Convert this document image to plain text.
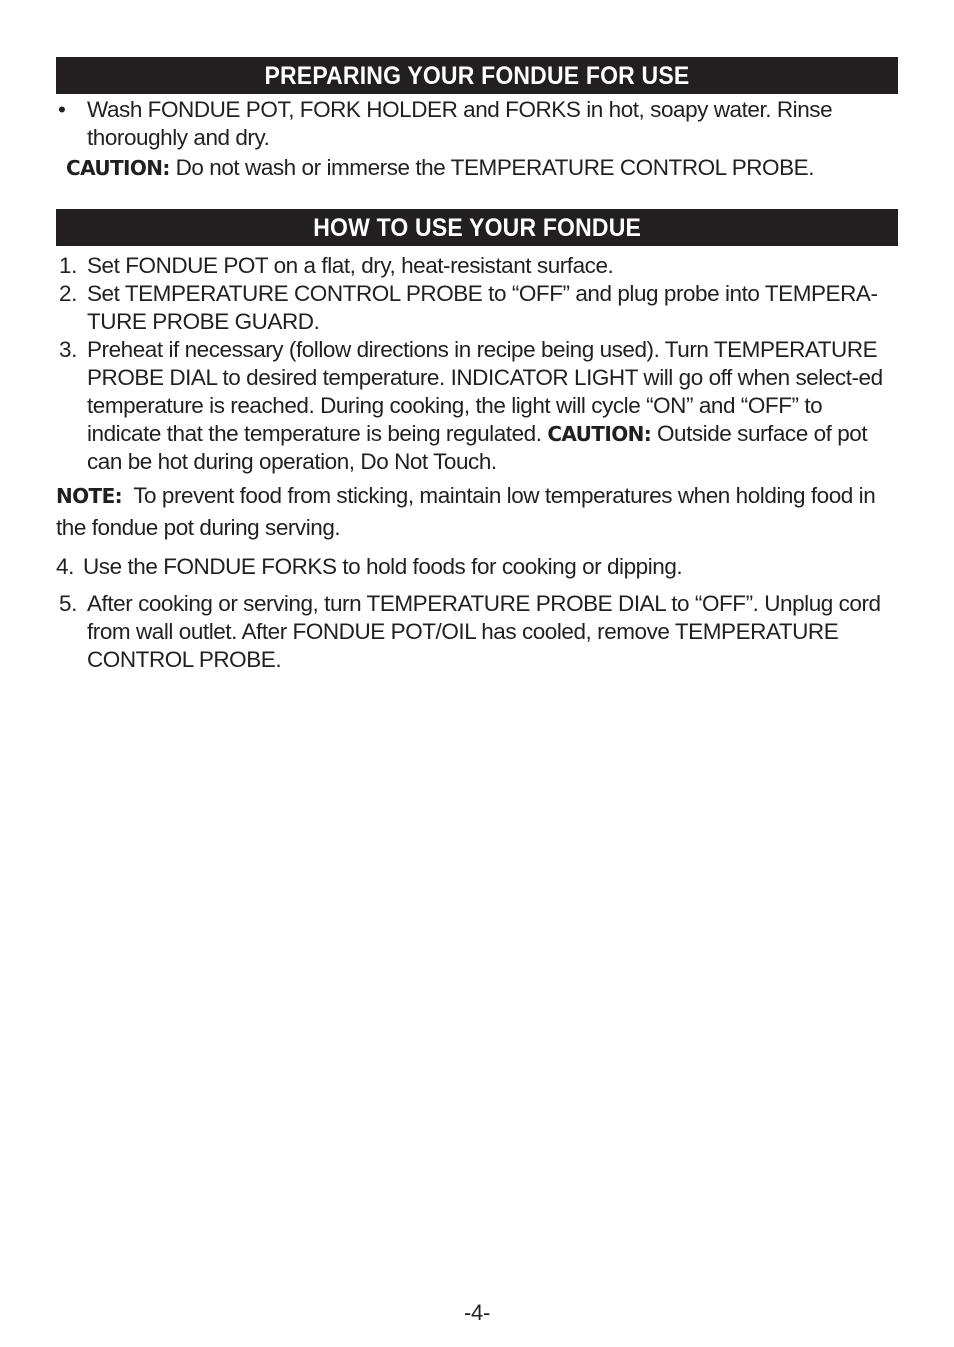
PREPARING YOUR FONDUE FOR USE
• Wash FONDUE POT, FORK HOLDER and FORKS in hot, soapy water. Rinse thoroughly and dry.
CAUTION: Do not wash or immerse the TEMPERATURE CONTROL PROBE.
HOW TO USE YOUR FONDUE
1. Set FONDUE POT on a flat, dry, heat-resistant surface.
2. Set TEMPERATURE CONTROL PROBE to “OFF” and plug probe into TEMPERA-TURE PROBE GUARD.
3. Preheat if necessary (follow directions in recipe being used). Turn TEMPERATURE PROBE DIAL to desired temperature. INDICATOR LIGHT will go off when select-ed temperature is reached. During cooking, the light will cycle “ON” and “OFF” to indicate that the temperature is being regulated. CAUTION: Outside surface of pot can be hot during operation, Do Not Touch.
NOTE: To prevent food from sticking, maintain low temperatures when holding food in the fondue pot during serving.
4. Use the FONDUE FORKS to hold foods for cooking or dipping.
5. After cooking or serving, turn TEMPERATURE PROBE DIAL to “OFF”. Unplug cord from wall outlet. After FONDUE POT/OIL has cooled, remove TEMPERATURE CONTROL PROBE.
-4-
